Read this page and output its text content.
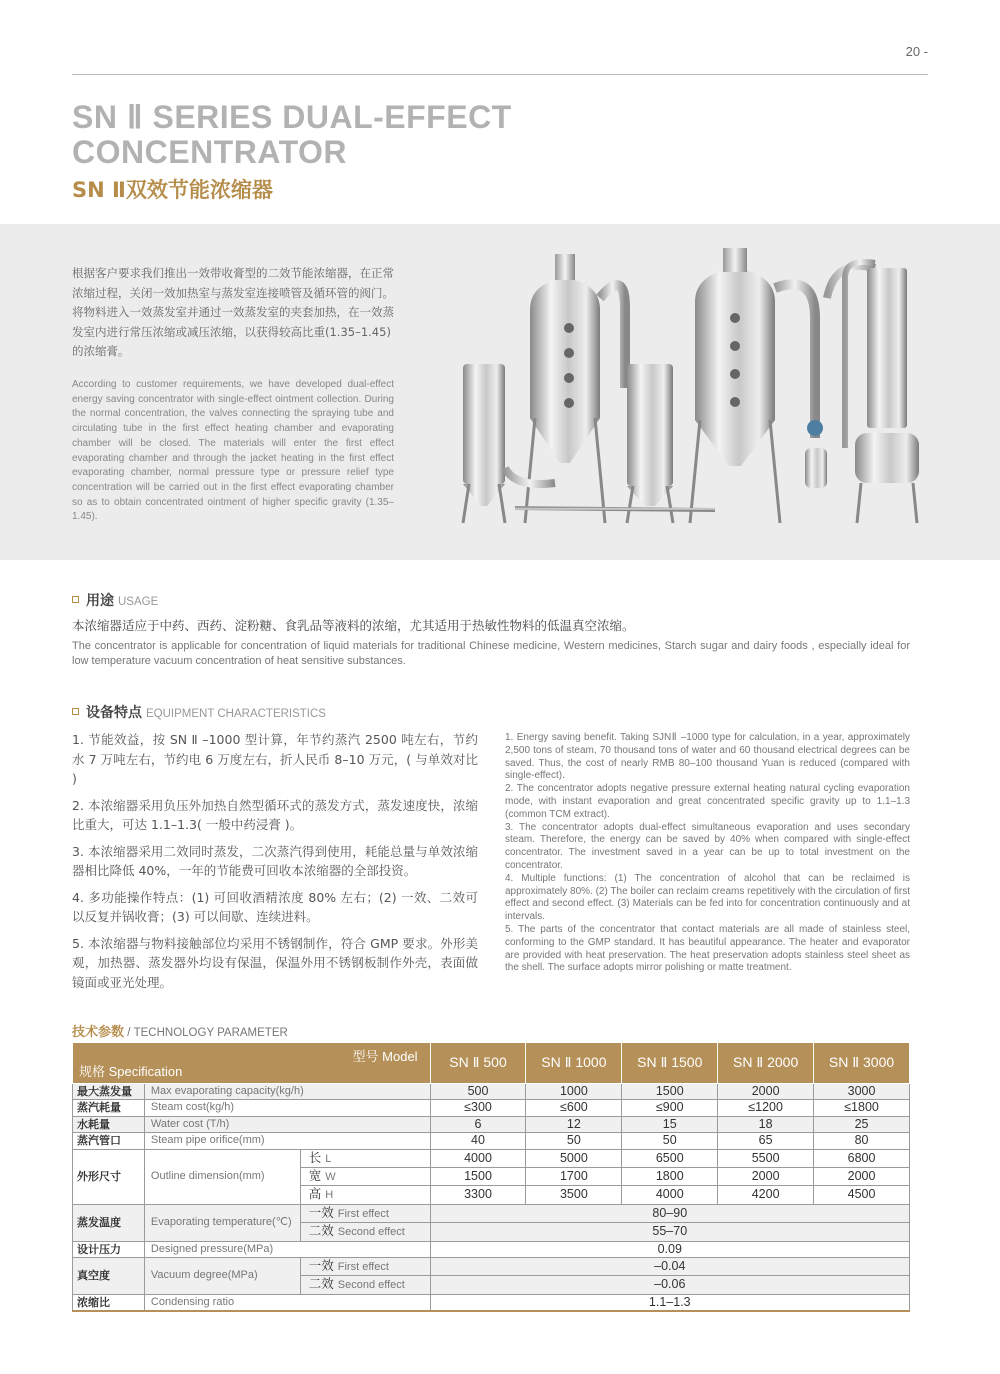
20 -
SN Ⅱ SERIES DUAL-EFFECT
CONCENTRATOR
SN Ⅱ双效节能浓缩器
根据客户要求我们推出一效带收膏型的二效节能浓缩器，在正常浓缩过程，关闭一效加热室与蒸发室连接喷管及循环管的阀门。将物料进入一效蒸发室并通过一效蒸发室的夹套加热，在一效蒸发室内进行常压浓缩或减压浓缩，以获得较高比重(1.35–1.45)的浓缩膏。
According to customer requirements, we have developed dual-effect energy saving concentrator with single-effect ointment collection. During the normal concentration, the valves connecting the spraying tube and circulating tube in the first effect heating chamber and evaporating chamber will be closed. The materials will enter the first effect evaporating chamber and through the jacket heating in the first effect evaporating chamber, normal pressure type or pressure relief type concentration will be carried out in the first effect evaporating chamber so as to obtain concentrated ointment of higher specific gravity (1.35–1.45).
用途 USAGE
本浓缩器适应于中药、西药、淀粉糖、食乳品等液料的浓缩，尤其适用于热敏性物料的低温真空浓缩。
The concentrator is applicable for concentration of liquid materials for traditional Chinese medicine, Western medicines, Starch sugar and dairy foods , especially ideal for low temperature vacuum concentration of heat sensitive substances.
设备特点 EQUIPMENT CHARACTERISTICS

1. 节能效益，按 SN Ⅱ –1000 型计算，年节约蒸汽 2500 吨左右，节约水 7 万吨左右，节约电 6 万度左右，折人民币 8–10 万元，( 与单效对比 )

2. 本浓缩器采用负压外加热自然型循环式的蒸发方式，蒸发速度快，浓缩比重大，可达 1.1–1.3( 一般中药浸膏 )。

3. 本浓缩器采用二效同时蒸发，二次蒸汽得到使用，耗能总量与单效浓缩器相比降低 40%，一年的节能费可回收本浓缩器的全部投资。

4. 多功能操作特点：(1) 可回收酒精浓度 80% 左右；(2) 一效、二效可以反复并锅收膏；(3) 可以间歇、连续进料。

5. 本浓缩器与物料接触部位均采用不锈钢制作，符合 GMP 要求。外形美观，加热器、蒸发器外均设有保温，保温外用不锈钢板制作外壳，表面做镜面或亚光处理。

1. Energy saving benefit. Taking SJNⅡ –1000 type for calculation, in a year, approximately 2,500 tons of steam, 70 thousand tons of water and 60 thousand electrical degrees can be saved. Thus, the cost of nearly RMB 80–100 thousand Yuan is reduced (compared with single-effect).

2. The concentrator adopts negative pressure external heating natural cycling evaporation mode, with instant evaporation and great concentrated specific gravity up to 1.1–1.3 (common TCM extract).

3. The concentrator adopts dual-effect simultaneous evaporation and uses secondary steam. Therefore, the energy can be saved by 40% when compared with single-effect concentrator. The investment saved in a year can be up to total investment on the concentrator.

4. Multiple functions: (1) The concentration of alcohol that can be reclaimed is approximately 80%. (2) The boiler can reclaim creams repetitively with the circulation of first effect and second effect. (3) Materials can be fed into for concentration continuously and at intervals.

5. The parts of the concentrator that contact materials are all made of stainless steel, conforming to the GMP standard. It has beautiful appearance. The heater and evaporator are provided with heat preservation. The heat preservation adopts stainless steel sheet as the shell. The surface adopts mirror polishing or matte treatment.

技术参数 / TECHNOLOGY PARAMETER
型号 Model
规格 Specification			SN Ⅱ 500	SN Ⅱ 1000	SN Ⅱ 1500	SN Ⅱ 2000	SN Ⅱ 3000
最大蒸发量	Max evaporating capacity(kg/h)		500	1000	1500	2000	3000
蒸汽耗量	Steam cost(kg/h)		≤300	≤600	≤900	≤1200	≤1800
水耗量	Water cost (T/h)		6	12	15	18	25
蒸汽管口	Steam pipe orifice(mm)		40	50	50	65	80
外形尺寸	Outline dimension(mm)	长 L	4000	5000	6500	5500	6800
		宽 W	1500	1700	1800	2000	2000
		高 H	3300	3500	4000	4200	4500
蒸发温度	Evaporating temperature(℃)	一效 First effect	80–90				
		二效 Second effect	55–70				
设计压力	Designed pressure(MPa)		0.09				
真空度	Vacuum degree(MPa)	一效 First effect	–0.04				
		二效 Second effect	–0.06				
浓缩比	Condensing ratio		1.1–1.3				
